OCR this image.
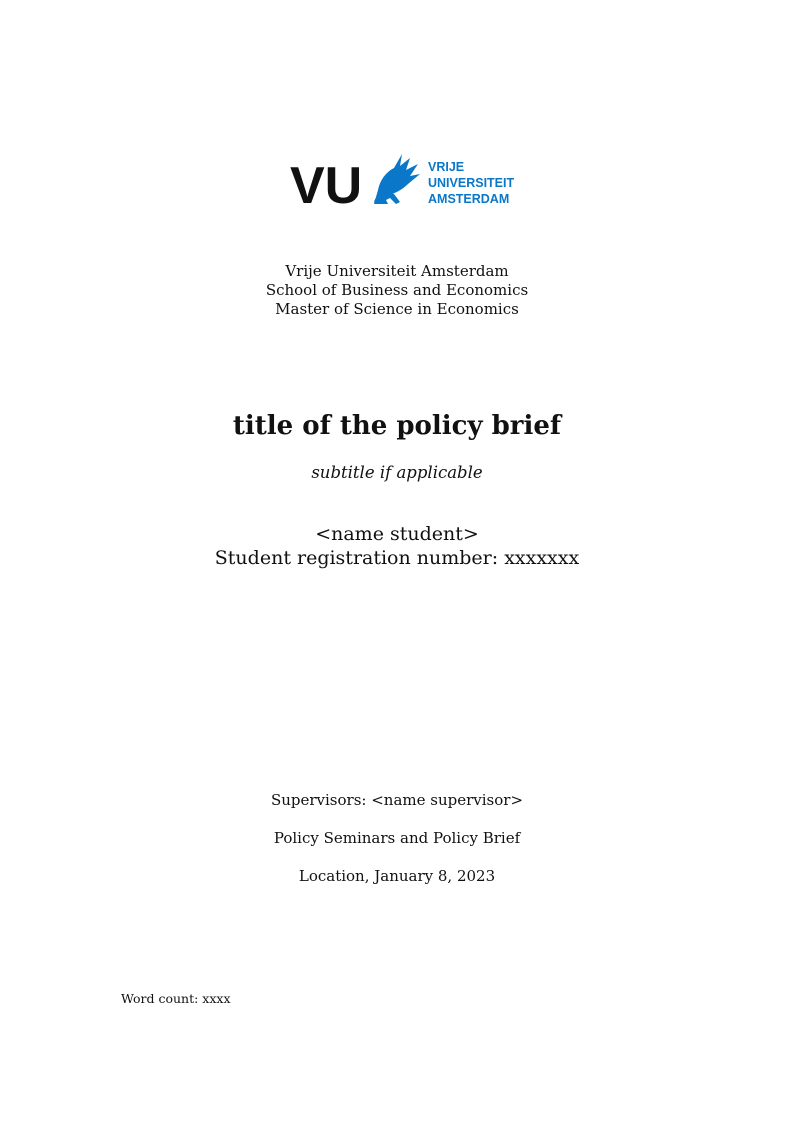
VU	VRIJE
UNIVERSITEIT
AMSTERDAM
Vrije Universiteit Amsterdam
School of Business and Economics
Master of Science in Economics
title of the policy brief
subtitle if applicable
<name student>
Student registration number: xxxxxxx
Supervisors: <name supervisor>
Policy Seminars and Policy Brief
Location, January 8, 2023
Word count: xxxx
